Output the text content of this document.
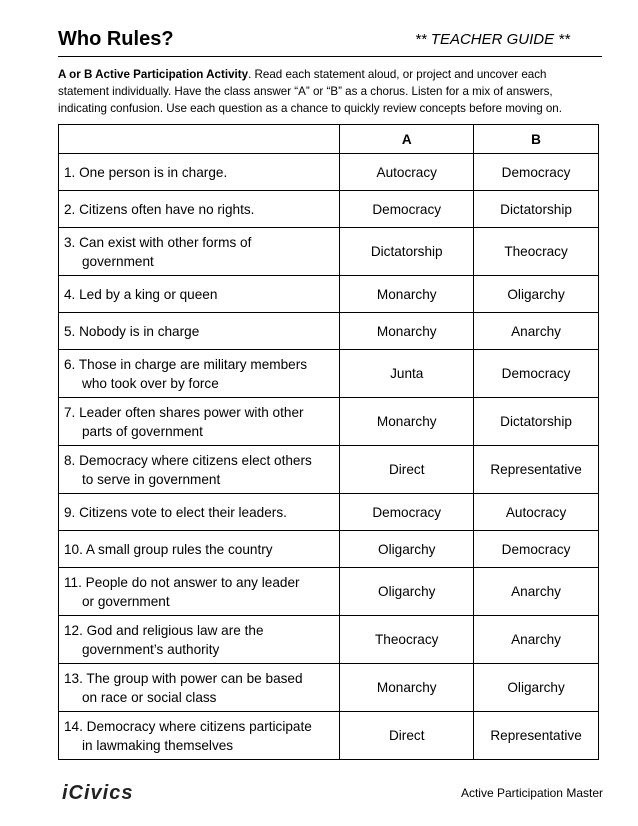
Who Rules?	** TEACHER GUIDE **
A or B Active Participation Activity. Read each statement aloud, or project and uncover each statement individually. Have the class answer “A” or “B” as a chorus. Listen for a mix of answers, indicating confusion. Use each question as a chance to quickly review concepts before moving on.
	A	B

1. One person is in charge.	Autocracy	Democracy

2. Citizens often have no rights.	Democracy	Dictatorship

3. Can exist with other forms of
government	Dictatorship	Theocracy

4. Led by a king or queen	Monarchy	Oligarchy

5. Nobody is in charge	Monarchy	Anarchy

6. Those in charge are military members
who took over by force	Junta	Democracy

7. Leader often shares power with other
parts of government	Monarchy	Dictatorship

8. Democracy where citizens elect others
to serve in government	Direct	Representative

9. Citizens vote to elect their leaders.	Democracy	Autocracy

10. A small group rules the country	Oligarchy	Democracy

11. People do not answer to any leader
or government	Oligarchy	Anarchy

12. God and religious law are the
government’s authority	Theocracy	Anarchy

13. The group with power can be based
on race or social class	Monarchy	Oligarchy

14. Democracy where citizens participate
in lawmaking themselves	Direct	Representative
iCivics	Active Participation Master
